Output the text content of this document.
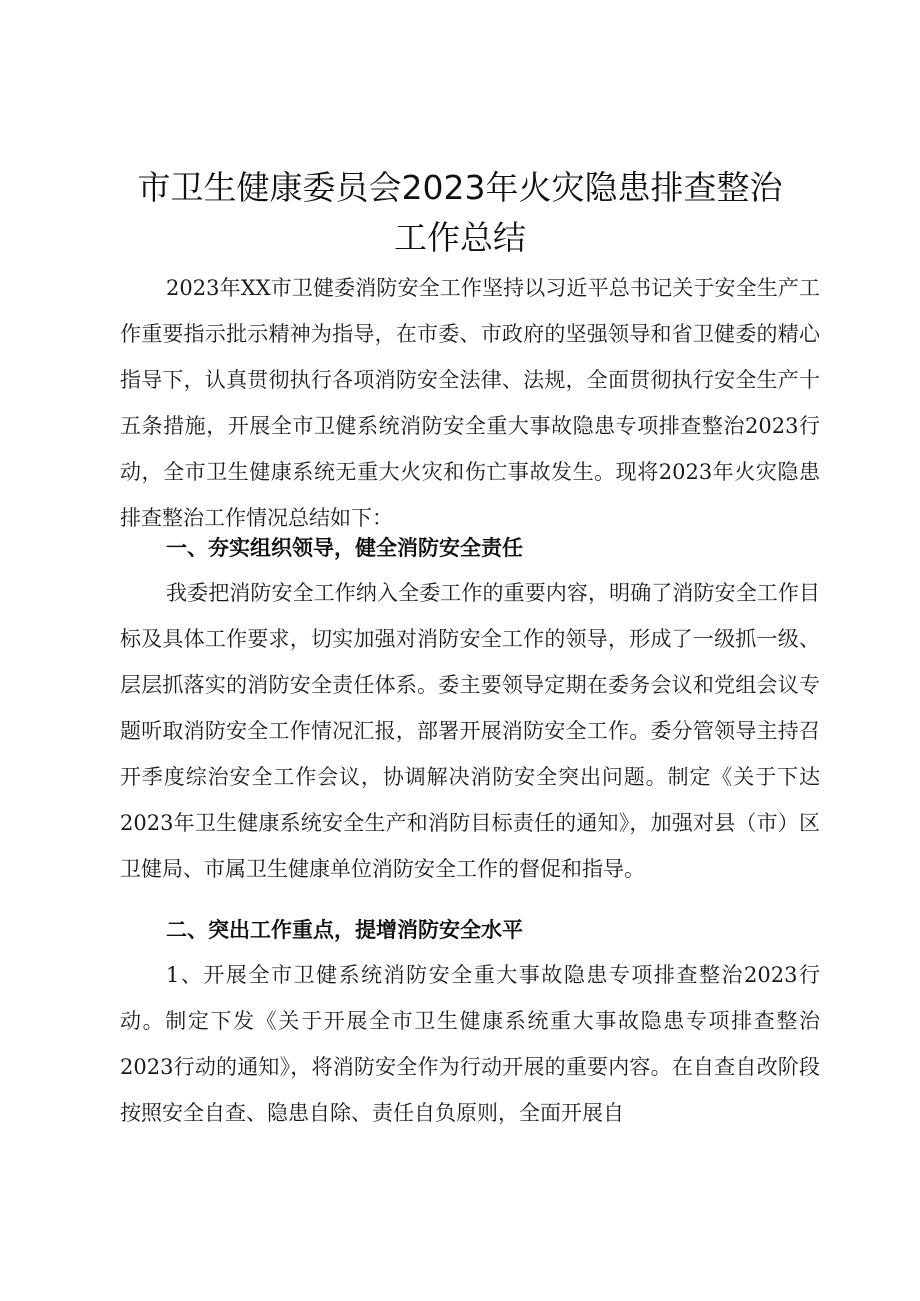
市卫生健康委员会2023年火灾隐患排查整治
工作总结

2023年XX市卫健委消防安全工作坚持以习近平总书记关于安全生产工作重要指示批示精神为指导，在市委、市政府的坚强领导和省卫健委的精心指导下，认真贯彻执行各项消防安全法律、法规，全面贯彻执行安全生产十五条措施，开展全市卫健系统消防安全重大事故隐患专项排查整治2023行动，全市卫生健康系统无重大火灾和伤亡事故发生。现将2023年火灾隐患排查整治工作情况总结如下：

一、夯实组织领导，健全消防安全责任

我委把消防安全工作纳入全委工作的重要内容，明确了消防安全工作目标及具体工作要求，切实加强对消防安全工作的领导，形成了一级抓一级、层层抓落实的消防安全责任体系。委主要领导定期在委务会议和党组会议专题听取消防安全工作情况汇报，部署开展消防安全工作。委分管领导主持召开季度综治安全工作会议，协调解决消防安全突出问题。制定《关于下达2023年卫生健康系统安全生产和消防目标责任的通知》，加强对县（市）区卫健局、市属卫生健康单位消防安全工作的督促和指导。

二、突出工作重点，提增消防安全水平

1、开展全市卫健系统消防安全重大事故隐患专项排查整治2023行动。制定下发《关于开展全市卫生健康系统重大事故隐患专项排查整治2023行动的通知》，将消防安全作为行动开展的重要内容。在自查自改阶段按照安全自查、隐患自除、责任自负原则，全面开展自
